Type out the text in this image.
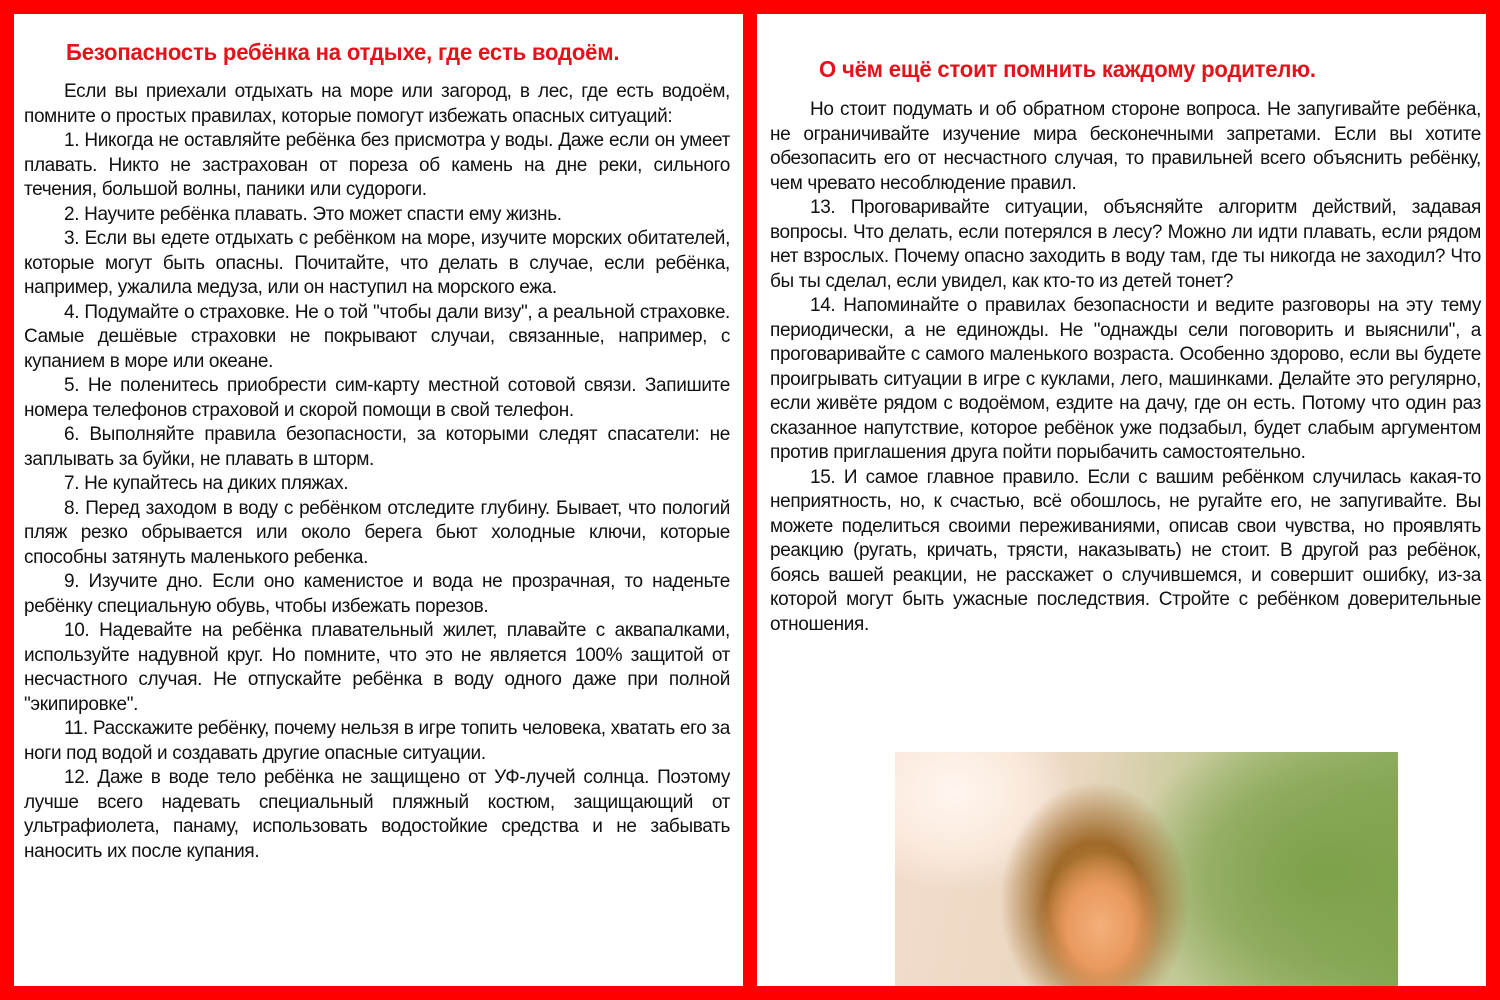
Безопасность ребёнка на отдыхе, где есть водоём.

Если вы приехали отдыхать на море или загород, в лес, где есть водоём, помните о простых правилах, которые помогут избежать опасных ситуаций:

1. Никогда не оставляйте ребёнка без присмотра у воды. Даже если он умеет плавать. Никто не застрахован от пореза об камень на дне реки, сильного течения, большой волны, паники или судороги.

2. Научите ребёнка плавать. Это может спасти ему жизнь.

3. Если вы едете отдыхать с ребёнком на море, изучите морских обитателей, которые могут быть опасны. Почитайте, что делать в случае, если ребёнка, например, ужалила медуза, или он наступил на морского ежа.

4. Подумайте о страховке. Не о той "чтобы дали визу", а реальной страховке. Самые дешёвые страховки не покрывают случаи, связанные, например, с купанием в море или океане.

5. Не поленитесь приобрести сим-карту местной сотовой связи. Запишите номера телефонов страховой и скорой помощи в свой телефон.

6. Выполняйте правила безопасности, за которыми следят спасатели: не заплывать за буйки, не плавать в шторм.

7. Не купайтесь на диких пляжах.

8. Перед заходом в воду с ребёнком отследите глубину. Бывает, что пологий пляж резко обрывается или около берега бьют холодные ключи, которые способны затянуть маленького ребенка.

9. Изучите дно. Если оно каменистое и вода не прозрачная, то наденьте ребёнку специальную обувь, чтобы избежать порезов.

10. Надевайте на ребёнка плавательный жилет, плавайте с аквапалками, используйте надувной круг. Но помните, что это не является 100% защитой от несчастного случая. Не отпускайте ребёнка в воду одного даже при полной "экипировке".

11. Расскажите ребёнку, почему нельзя в игре топить человека, хватать его за ноги под водой и создавать другие опасные ситуации.

12. Даже в воде тело ребёнка не защищено от УФ-лучей солнца. Поэтому лучше всего надевать специальный пляжный костюм, защищающий от ультрафиолета, панаму, использовать водостойкие средства и не забывать наносить их после купания.

О чём ещё стоит помнить каждому родителю.

Но стоит подумать и об обратном стороне вопроса. Не запугивайте ребёнка, не ограничивайте изучение мира бесконечными запретами. Если вы хотите обезопасить его от несчастного случая, то правильней всего объяснить ребёнку, чем чревато несоблюдение правил.

13. Проговаривайте ситуации, объясняйте алгоритм действий, задавая вопросы. Что делать, если потерялся в лесу? Можно ли идти плавать, если рядом нет взрослых. Почему опасно заходить в воду там, где ты никогда не заходил? Что бы ты сделал, если увидел, как кто-то из детей тонет?

14. Напоминайте о правилах безопасности и ведите разговоры на эту тему периодически, а не единожды. Не "однажды сели поговорить и выяснили", а проговаривайте с самого маленького возраста. Особенно здорово, если вы будете проигрывать ситуации в игре с куклами, лего, машинками. Делайте это регулярно, если живёте рядом с водоёмом, ездите на дачу, где он есть. Потому что один раз сказанное напутствие, которое ребёнок уже подзабыл, будет слабым аргументом против приглашения друга пойти порыбачить самостоятельно.

15. И самое главное правило. Если с вашим ребёнком случилась какая-то неприятность, но, к счастью, всё обошлось, не ругайте его, не запугивайте. Вы можете поделиться своими переживаниями, описав свои чувства, но проявлять реакцию (ругать, кричать, трясти, наказывать) не стоит. В другой раз ребёнок, боясь вашей реакции, не расскажет о случившемся, и совершит ошибку, из-за которой могут быть ужасные последствия. Стройте с ребёнком доверительные отношения.
